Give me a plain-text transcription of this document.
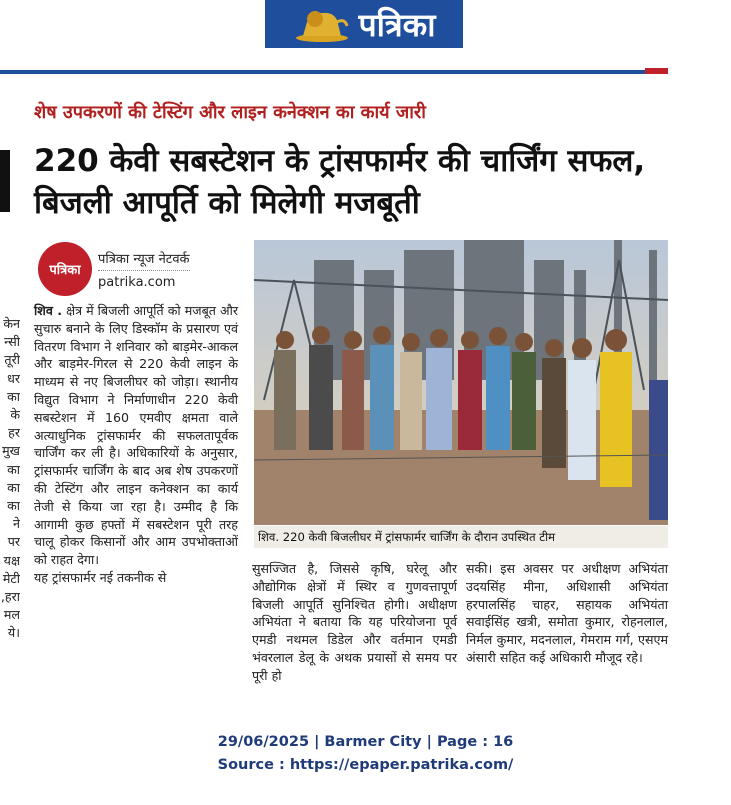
पत्रिका
शेष उपकरणों की टेस्टिंग और लाइन कनेक्शन का कार्य जारी
220 केवी सबस्टेशन के ट्रांसफार्मर की चार्जिंग सफल, बिजली आपूर्ति को मिलेगी मजबूती
पत्रिका
पत्रिका न्यूज नेटवर्क
patrika.com
केन
न्सी
तूरी
धर
का
के
हर
मुख
का
का
का
ने
पर
यक्ष
मेटी
हरा,
मल
ये।

शिव . क्षेत्र में बिजली आपूर्ति को मजबूत और सुचारु बनाने के लिए डिस्कॉम के प्रसारण एवं वितरण विभाग ने शनिवार को बाड़मेर-आकल और बाड़मेर-गिरल से 220 केवी लाइन के माध्यम से नए बिजलीघर को जोड़ा। स्थानीय विद्युत विभाग ने निर्माणाधीन 220 केवी सबस्टेशन में 160 एमवीए क्षमता वाले अत्याधुनिक ट्रांसफार्मर की सफलतापूर्वक चार्जिंग कर ली है। अधिकारियों के अनुसार, ट्रांसफार्मर चार्जिंग के बाद अब शेष उपकरणों की टेस्टिंग और लाइन कनेक्शन का कार्य तेजी से किया जा रहा है। उम्मीद है कि आगामी कुछ हफ्तों में सबस्टेशन पूरी तरह चालू होकर किसानों और आम उपभोक्ताओं को राहत देगा।
यह ट्रांसफार्मर नई तकनीक से

शिव. 220 केवी बिजलीघर में ट्रांसफार्मर चार्जिंग के दौरान उपस्थित टीम

सुसज्जित है, जिससे कृषि, घरेलू और औद्योगिक क्षेत्रों में स्थिर व गुणवत्तापूर्ण बिजली आपूर्ति सुनिश्चित होगी। अधीक्षण अभियंता ने बताया कि यह परियोजना पूर्व एमडी नथमल डिडेल और वर्तमान एमडी भंवरलाल डेलू के अथक प्रयासों से समय पर पूरी हो

सकी। इस अवसर पर अधीक्षण अभियंता उदयसिंह मीना, अधिशासी अभियंता हरपालसिंह चाहर, सहायक अभियंता सवाईसिंह खत्री, समोता कुमार, रोहनलाल, निर्मल कुमार, मदनलाल, गेमराम गर्ग, एसएम अंसारी सहित कई अधिकारी मौजूद रहे।

29/06/2025 | Barmer City | Page : 16
Source : https://epaper.patrika.com/
